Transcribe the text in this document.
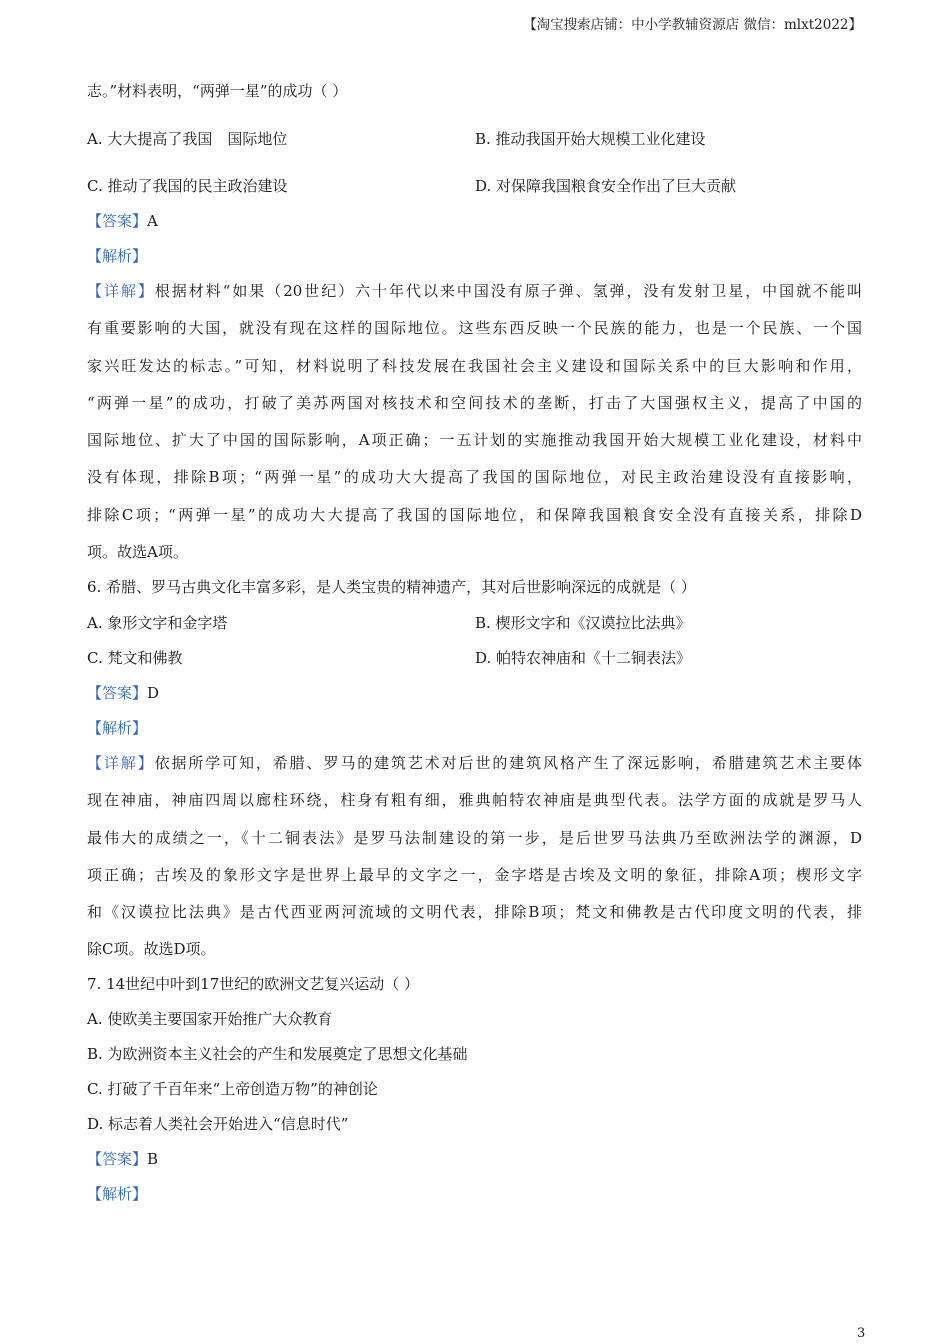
【淘宝搜索店铺：中小学教辅资源店 微信：mlxt2022】
志。”材料表明，“两弹一星”的成功（ ）
A. 大大提高了我国　国际地位	B. 推动我国开始大规模工业化建设
C. 推动了我国的民主政治建设	D. 对保障我国粮食安全作出了巨大贡献
【答案】A
【解析】
【详解】根据材料“如果（20世纪）六十年代以来中国没有原子弹、氢弹，没有发射卫星，中国就不能叫
有重要影响的大国，就没有现在这样的国际地位。这些东西反映一个民族的能力，也是一个民族、一个国
家兴旺发达的标志。”可知，材料说明了科技发展在我国社会主义建设和国际关系中的巨大影响和作用，
“两弹一星”的成功，打破了美苏两国对核技术和空间技术的垄断，打击了大国强权主义，提高了中国的
国际地位、扩大了中国的国际影响，A项正确；一五计划的实施推动我国开始大规模工业化建设，材料中
没有体现，排除B项；“两弹一星”的成功大大提高了我国的国际地位，对民主政治建设没有直接影响，
排除C项；“两弹一星”的成功大大提高了我国的国际地位，和保障我国粮食安全没有直接关系，排除D
项。故选A项。
6. 希腊、罗马古典文化丰富多彩，是人类宝贵的精神遗产，其对后世影响深远的成就是（ ）
A. 象形文字和金字塔	B. 楔形文字和《汉谟拉比法典》
C. 梵文和佛教	D. 帕特农神庙和《十二铜表法》
【答案】D
【解析】
【详解】依据所学可知，希腊、罗马的建筑艺术对后世的建筑风格产生了深远影响，希腊建筑艺术主要体
现在神庙，神庙四周以廊柱环绕，柱身有粗有细，雅典帕特农神庙是典型代表。法学方面的成就是罗马人
最伟大的成绩之一，《十二铜表法》是罗马法制建设的第一步，是后世罗马法典乃至欧洲法学的渊源，D
项正确；古埃及的象形文字是世界上最早的文字之一，金字塔是古埃及文明的象征，排除A项；楔形文字
和《汉谟拉比法典》是古代西亚两河流域的文明代表，排除B项；梵文和佛教是古代印度文明的代表，排
除C项。故选D项。
7. 14世纪中叶到17世纪的欧洲文艺复兴运动（ ）
A. 使欧美主要国家开始推广大众教育
B. 为欧洲资本主义社会的产生和发展奠定了思想文化基础
C. 打破了千百年来“上帝创造万物”的神创论
D. 标志着人类社会开始进入“信息时代”
【答案】B
【解析】
3
